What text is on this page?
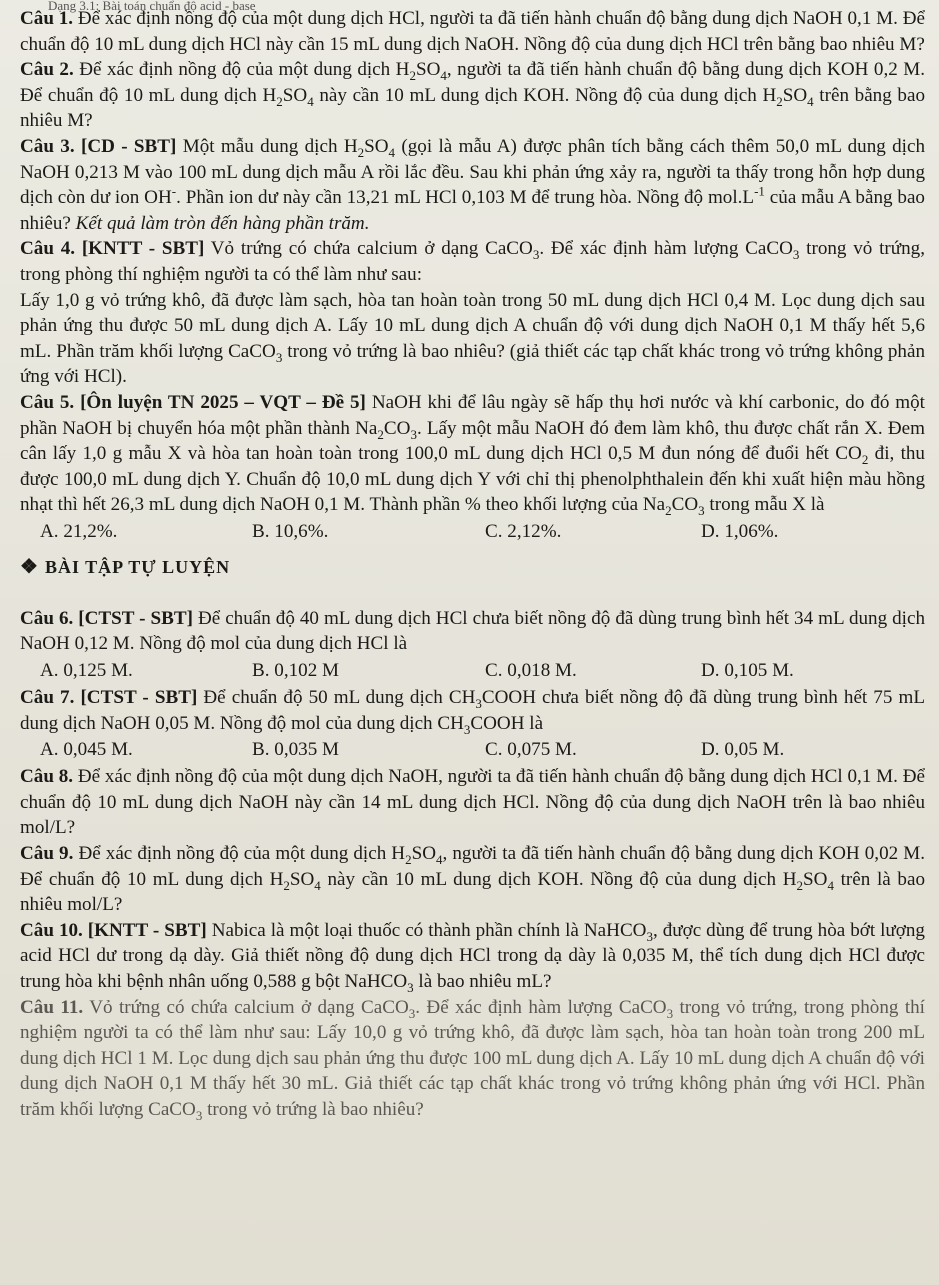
Dạng 3.1: Bài toán chuẩn độ acid - base

Câu 1. Để xác định nồng độ của một dung dịch HCl, người ta đã tiến hành chuẩn độ bằng dung dịch NaOH 0,1 M. Để chuẩn độ 10 mL dung dịch HCl này cần 15 mL dung dịch NaOH. Nồng độ của dung dịch HCl trên bằng bao nhiêu M?

Câu 2. Để xác định nồng độ của một dung dịch $H_2SO_4$, người ta đã tiến hành chuẩn độ bằng dung dịch KOH 0,2 M. Để chuẩn độ 10 mL dung dịch $H_2SO_4$ này cần 10 mL dung dịch KOH. Nồng độ của dung dịch $H_2SO_4$ trên bằng bao nhiêu M?

Câu 3. [CD - SBT] Một mẫu dung dịch $H_2SO_4$ (gọi là mẫu A) được phân tích bằng cách thêm 50,0 mL dung dịch NaOH 0,213 M vào 100 mL dung dịch mẫu A rồi lắc đều. Sau khi phản ứng xảy ra, người ta thấy trong hỗn hợp dung dịch còn dư ion OH-. Phần ion dư này cần 13,21 mL HCl 0,103 M để trung hòa. Nồng độ $mol.L^{-1}$ của mẫu A bằng bao nhiêu? Kết quả làm tròn đến hàng phần trăm.

Câu 4. [KNTT - SBT] Vỏ trứng có chứa calcium ở dạng CaCO$_3$. Để xác định hàm lượng CaCO$_3$ trong vỏ trứng, trong phòng thí nghiệm người ta có thể làm như sau:

Lấy 1,0 g vỏ trứng khô, đã được làm sạch, hòa tan hoàn toàn trong 50 mL dung dịch HCl 0,4 M. Lọc dung dịch sau phản ứng thu được 50 mL dung dịch A. Lấy 10 mL dung dịch A chuẩn độ với dung dịch NaOH 0,1 M thấy hết 5,6 mL. Phần trăm khối lượng CaCO$_3$ trong vỏ trứng là bao nhiêu? (giả thiết các tạp chất khác trong vỏ trứng không phản ứng với HCl).

Câu 5. [Ôn luyện TN 2025 – VQT – Đề 5] NaOH khi để lâu ngày sẽ hấp thụ hơi nước và khí carbonic, do đó một phần NaOH bị chuyển hóa một phần thành $Na_2CO_3$. Lấy một mẫu NaOH đó đem làm khô, thu được chất rắn X. Đem cân lấy 1,0 g mẫu X và hòa tan hoàn toàn trong 100,0 mL dung dịch HCl 0,5 M đun nóng để đuổi hết $CO_2$ đi, thu được 100,0 mL dung dịch Y. Chuẩn độ 10,0 mL dung dịch Y với chỉ thị phenolphthalein đến khi xuất hiện màu hồng nhạt thì hết 26,3 mL dung dịch NaOH 0,1 M. Thành phần % theo khối lượng của $Na_2CO_3$ trong mẫu X là

A. 21,2%.	B. 10,6%.	C. 2,12%.	D. 1,06%.
❖ BÀI TẬP TỰ LUYỆN

Câu 6. [CTST - SBT] Để chuẩn độ 40 mL dung dịch HCl chưa biết nồng độ đã dùng trung bình hết 34 mL dung dịch NaOH 0,12 M. Nồng độ mol của dung dịch HCl là

A. 0,125 M.	B. 0,102 M	C. 0,018 M.	D. 0,105 M.

Câu 7. [CTST - SBT] Để chuẩn độ 50 mL dung dịch $CH_3COOH$ chưa biết nồng độ đã dùng trung bình hết 75 mL dung dịch NaOH 0,05 M. Nồng độ mol của dung dịch $CH_3COOH$ là

A. 0,045 M.	B. 0,035 M	C. 0,075 M.	D. 0,05 M.

Câu 8. Để xác định nồng độ của một dung dịch NaOH, người ta đã tiến hành chuẩn độ bằng dung dịch HCl 0,1 M. Để chuẩn độ 10 mL dung dịch NaOH này cần 14 mL dung dịch HCl. Nồng độ của dung dịch NaOH trên là bao nhiêu mol/L?

Câu 9. Để xác định nồng độ của một dung dịch $H_2SO_4$, người ta đã tiến hành chuẩn độ bằng dung dịch KOH 0,02 M. Để chuẩn độ 10 mL dung dịch $H_2SO_4$ này cần 10 mL dung dịch KOH. Nồng độ của dung dịch $H_2SO_4$ trên là bao nhiêu mol/L?

Câu 10. [KNTT - SBT] Nabica là một loại thuốc có thành phần chính là NaHCO$_3$, được dùng để trung hòa bớt lượng acid HCl dư trong dạ dày. Giả thiết nồng độ dung dịch HCl trong dạ dày là 0,035 M, thể tích dung dịch HCl được trung hòa khi bệnh nhân uống 0,588 g bột NaHCO$_3$ là bao nhiêu mL?

Câu 11. Vỏ trứng có chứa calcium ở dạng CaCO$_3$. Để xác định hàm lượng CaCO$_3$ trong vỏ trứng, trong phòng thí nghiệm người ta có thể làm như sau: Lấy 10,0 g vỏ trứng khô, đã được làm sạch, hòa tan hoàn toàn trong 200 mL dung dịch HCl 1 M. Lọc dung dịch sau phản ứng thu được 100 mL dung dịch A. Lấy 10 mL dung dịch A chuẩn độ với dung dịch NaOH 0,1 M thấy hết 30 mL. Giả thiết các tạp chất khác trong vỏ trứng không phản ứng với HCl. Phần trăm khối lượng CaCO$_3$ trong vỏ trứng là bao nhiêu?
